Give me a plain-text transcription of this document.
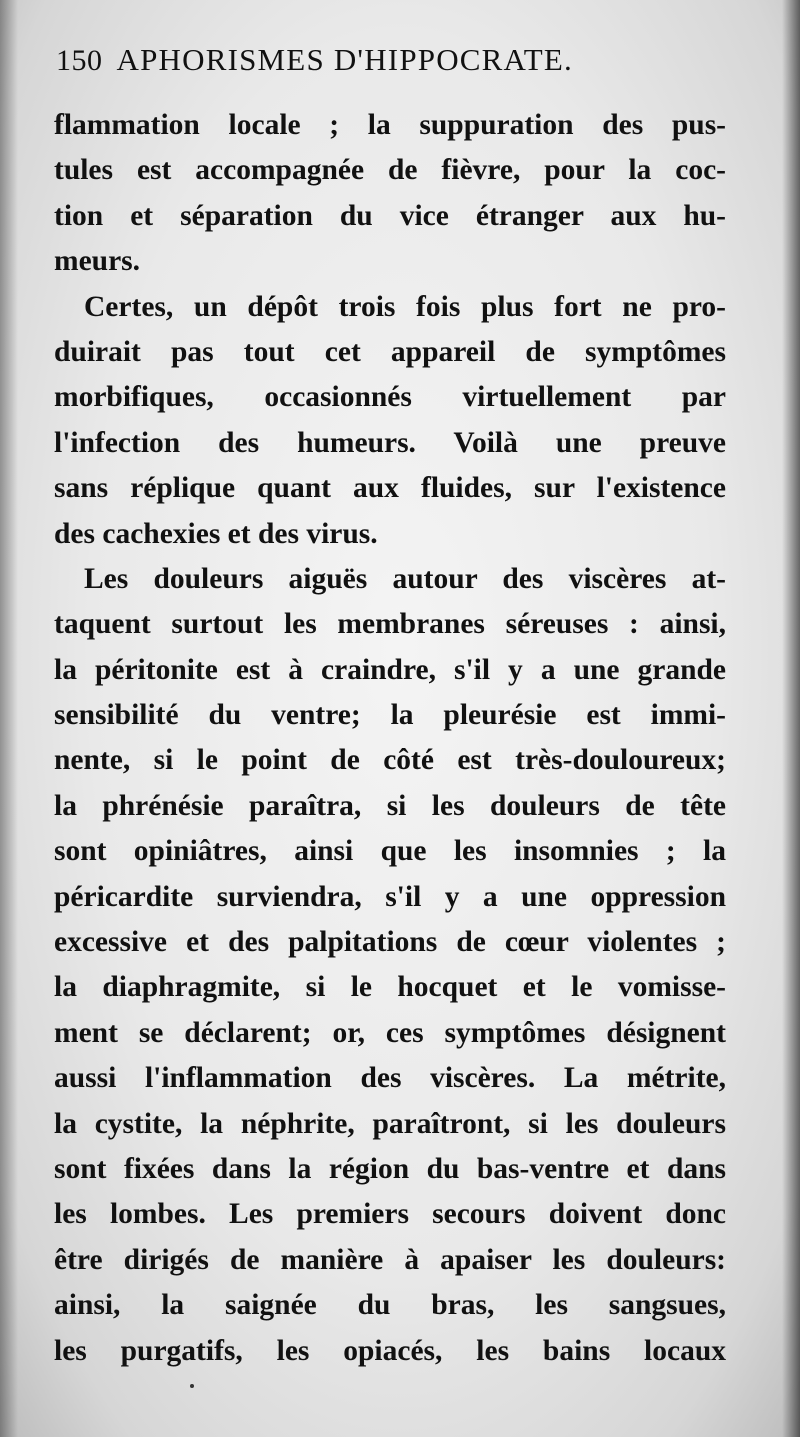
150 APHORISMES D'HIPPOCRATE.
flammation locale ; la suppuration des pus-
tules est accompagnée de fièvre, pour la coc-
tion et séparation du vice étranger aux hu-
meurs.
Certes, un dépôt trois fois plus fort ne pro-
duirait pas tout cet appareil de symptômes
morbifiques, occasionnés virtuellement par
l'infection des humeurs. Voilà une preuve
sans réplique quant aux fluides, sur l'existence
des cachexies et des virus.
Les douleurs aiguës autour des viscères at-
taquent surtout les membranes séreuses : ainsi,
la péritonite est à craindre, s'il y a une grande
sensibilité du ventre; la pleurésie est immi-
nente, si le point de côté est très-douloureux;
la phrénésie paraîtra, si les douleurs de tête
sont opiniâtres, ainsi que les insomnies ; la
péricardite surviendra, s'il y a une oppression
excessive et des palpitations de cœur violentes ;
la diaphragmite, si le hocquet et le vomisse-
ment se déclarent; or, ces symptômes désignent
aussi l'inflammation des viscères. La métrite,
la cystite, la néphrite, paraîtront, si les douleurs
sont fixées dans la région du bas-ventre et dans
les lombes. Les premiers secours doivent donc
être dirigés de manière à apaiser les douleurs:
ainsi, la saignée du bras, les sangsues,
les purgatifs, les opiacés, les bains locaux
